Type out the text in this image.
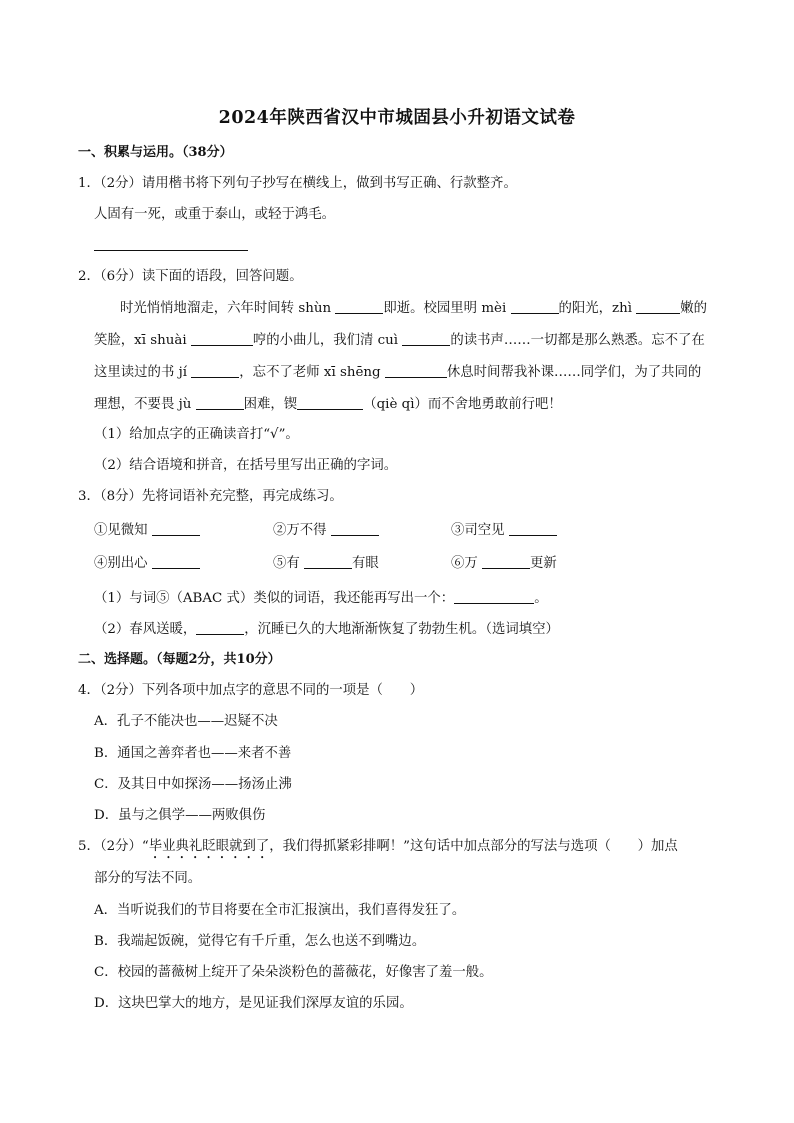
2024年陕西省汉中市城固县小升初语文试卷
一、积累与运用。（38分）
1．（2分）请用楷书将下列句子抄写在横线上，做到书写正确、行款整齐。
人固有一死，或重于泰山，或轻于鸿毛。
2．（6分）读下面的语段，回答问题。
时光悄悄地溜走，六年时间转 shùn	即逝。校园里明 mèi	的阳光，zhì	嫩的
笑脸，xī shuài	哼的小曲儿，我们清 cuì	的读书声……一切都是那么熟悉。忘不了在
这里读过的书 jí	，忘不了老师 xī shēng	休息时间帮我补课……同学们，为了共同的
理想，不要畏 jù	困难，锲	（qiè qì）而不舍地勇敢前行吧！
（1）给加点字的正确读音打“√”。
（2）结合语境和拼音，在括号里写出正确的字词。
3．（8分）先将词语补充完整，再完成练习。
①见微知	②万不得	③司空见
④别出心	⑤有	有眼	⑥万	更新
（1）与词⑤（ABAC 式）类似的词语，我还能再写出一个：	。
（2）春风送暖，	，沉睡已久的大地渐渐恢复了勃勃生机。（选词填空）
二、选择题。（每题2分，共10分）
4．（2分）下列各项中加点字的意思不同的一项是（　　）
A．孔子不能决也——迟疑不决
B．通国之善弈者也——来者不善
C．及其日中如探汤——扬汤止沸
D．虽与之俱学——两败俱伤
5．（2分）“毕业典礼眨眼就到了，我们得抓紧彩排啊！”这句话中加点部分的写法与选项（　　）加点
部分的写法不同。
A．当听说我们的节目将要在全市汇报演出，我们喜得发狂了。
B．我端起饭碗，觉得它有千斤重，怎么也送不到嘴边。
C．校园的蔷薇树上绽开了朵朵淡粉色的蔷薇花，好像害了羞一般。
D．这块巴掌大的地方，是见证我们深厚友谊的乐园。
